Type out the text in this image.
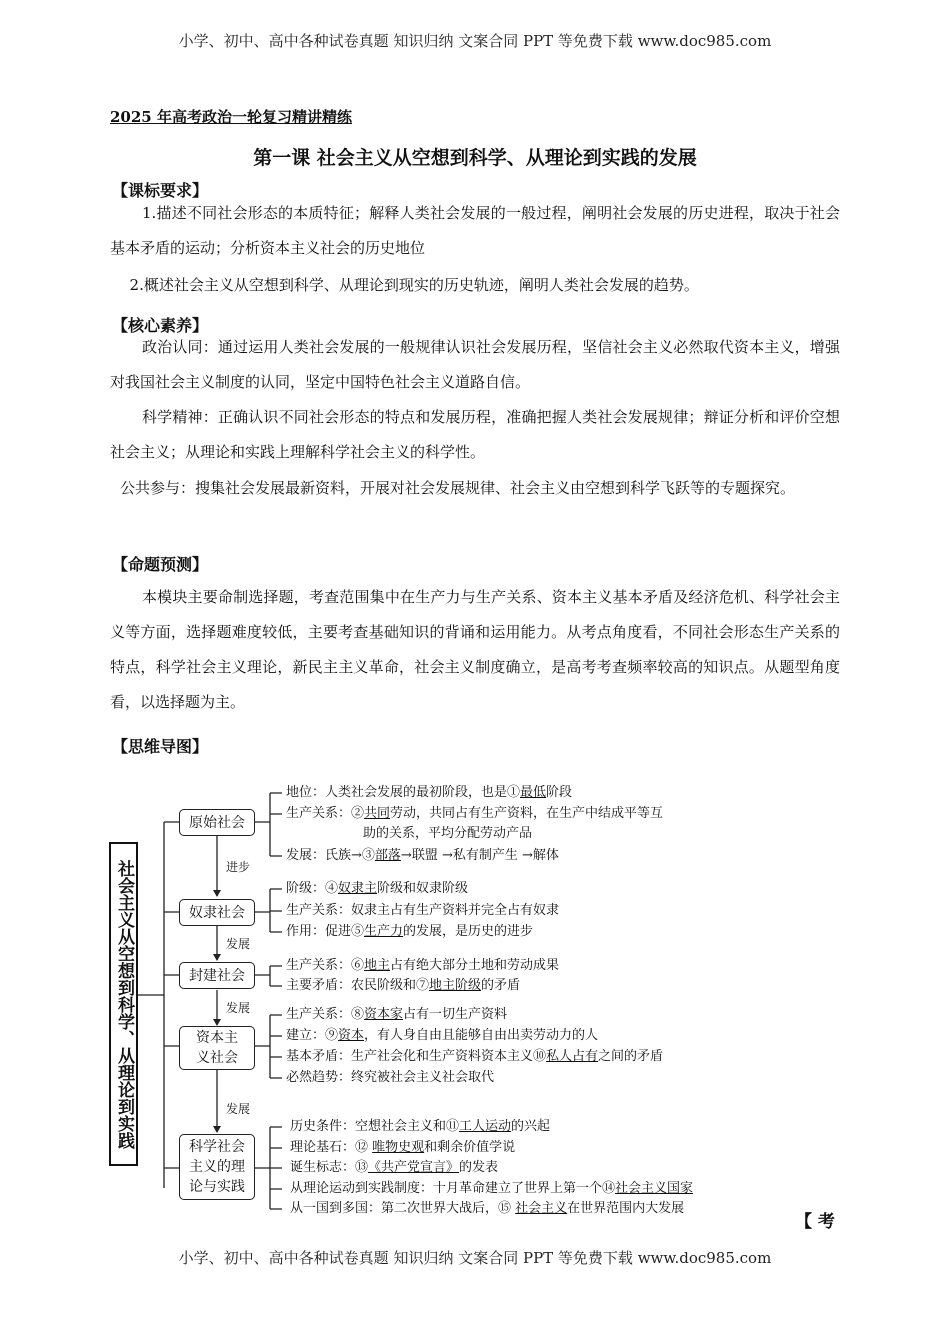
小学、初中、高中各种试卷真题 知识归纳 文案合同 PPT 等免费下载 www.doc985.com
2025 年高考政治一轮复习精讲精练
第一课 社会主义从空想到科学、从理论到实践的发展
【课标要求】
1.描述不同社会形态的本质特征；解释人类社会发展的一般过程，阐明社会发展的历史进程，取决于社会基本矛盾的运动；分析资本主义社会的历史地位
2.概述社会主义从空想到科学、从理论到现实的历史轨迹，阐明人类社会发展的趋势。
【核心素养】
政治认同：通过运用人类社会发展的一般规律认识社会发展历程，坚信社会主义必然取代资本主义，增强对我国社会主义制度的认同，坚定中国特色社会主义道路自信。
科学精神：正确认识不同社会形态的特点和发展历程，准确把握人类社会发展规律；辩证分析和评价空想社会主义；从理论和实践上理解科学社会主义的科学性。
公共参与：搜集社会发展最新资料，开展对社会发展规律、社会主义由空想到科学飞跃等的专题探究。
【命题预测】
本模块主要命制选择题，考查范围集中在生产力与生产关系、资本主义基本矛盾及经济危机、科学社会主义等方面，选择题难度较低，主要考查基础知识的背诵和运用能力。从考点角度看，不同社会形态生产关系的特点，科学社会主义理论，新民主主义革命，社会主义制度确立，是高考考查频率较高的知识点。从题型角度看，以选择题为主。
【思维导图】
社会主义从空想到科学、从理论到实践
原始社会
奴隶社会
封建社会
资本主义社会
科学社会主义的理论与实践
进步
发展
发展
发展
地位：人类社会发展的最初阶段，也是①最低阶段
生产关系：②共同劳动，共同占有生产资料，在生产中结成平等互
助的关系，平均分配劳动产品
发展：氏族→③部落→联盟 →私有制产生 →解体
阶级：④奴隶主阶级和奴隶阶级
生产关系：奴隶主占有生产资料并完全占有奴隶
作用：促进⑤生产力的发展，是历史的进步
生产关系：⑥地主占有绝大部分土地和劳动成果
主要矛盾：农民阶级和⑦地主阶级的矛盾
生产关系：⑧资本家占有一切生产资料
建立：⑨资本，有人身自由且能够自由出卖劳动力的人
基本矛盾：生产社会化和生产资料资本主义⑩私人占有之间的矛盾
必然趋势：终究被社会主义社会取代
历史条件：空想社会主义和⑪工人运动的兴起
理论基石：⑫ 唯物史观和剩余价值学说
诞生标志：⑬《共产党宣言》的发表
从理论运动到实践制度：十月革命建立了世界上第一个⑭社会主义国家
从一国到多国：第二次世界大战后，⑮ 社会主义在世界范围内大发展
【 考
小学、初中、高中各种试卷真题 知识归纳 文案合同 PPT 等免费下载 www.doc985.com
